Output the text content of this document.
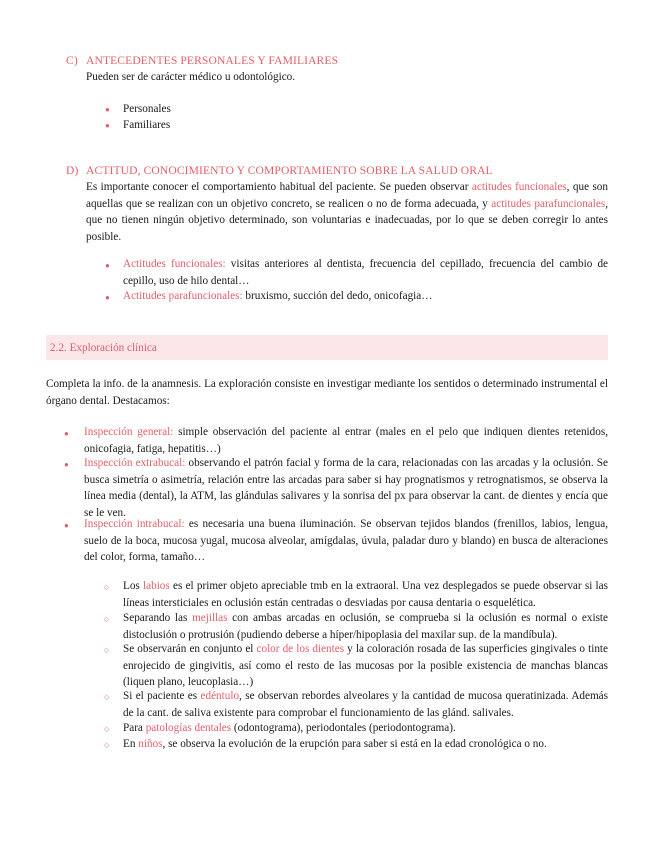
C) ANTECEDENTES PERSONALES Y FAMILIARES
Pueden ser de carácter médico u odontológico.
● Personales
● Familiares
D) ACTITUD, CONOCIMIENTO Y COMPORTAMIENTO SOBRE LA SALUD ORAL

Es importante conocer el comportamiento habitual del paciente. Se pueden observar actitudes funcionales, que son aquellas que se realizan con un objetivo concreto, se realicen o no de forma adecuada, y actitudes parafuncionales, que no tienen ningún objetivo determinado, son voluntarias e inadecuadas, por lo que se deben corregir lo antes posible.

● Actitudes funcionales: visitas anteriores al dentista, frecuencia del cepillado, frecuencia del cambio de cepillo, uso de hilo dental…

● Actitudes parafuncionales: bruxismo, succión del dedo, onicofagia…

2.2. Exploración clínica

Completa la info. de la anamnesis. La exploración consiste en investigar mediante los sentidos o determinado instrumental el órgano dental. Destacamos:

● Inspección general: simple observación del paciente al entrar (males en el pelo que indiquen dientes retenidos, onicofagia, fatiga, hepatitis…)

● Inspección extrabucal: observando el patrón facial y forma de la cara, relacionadas con las arcadas y la oclusión. Se busca simetría o asimetría, relación entre las arcadas para saber si hay prognatismos y retrognatismos, se observa la línea media (dental), la ATM, las glándulas salivares y la sonrisa del px para observar la cant. de dientes y encía que se le ven.

● Inspección intrabucal: es necesaria una buena iluminación. Se observan tejidos blandos (frenillos, labios, lengua, suelo de la boca, mucosa yugal, mucosa alveolar, amígdalas, úvula, paladar duro y blando) en busca de alteraciones del color, forma, tamaño…

○ Los labios es el primer objeto apreciable tmb en la extraoral. Una vez desplegados se puede observar si las líneas intersticiales en oclusión están centradas o desviadas por causa dentaria o esquelética.

○ Separando las mejillas con ambas arcadas en oclusión, se comprueba si la oclusión es normal o existe distoclusión o protrusión (pudiendo deberse a híper/hipoplasia del maxilar sup. de la mandíbula).

○ Se observarán en conjunto el color de los dientes y la coloración rosada de las superficies gingivales o tinte enrojecido de gingivitis, así como el resto de las mucosas por la posible existencia de manchas blancas (liquen plano, leucoplasia…)

○ Si el paciente es edéntulo, se observan rebordes alveolares y la cantidad de mucosa queratinizada. Además de la cant. de saliva existente para comprobar el funcionamiento de las glánd. salivales.

○ Para patologías dentales (odontograma), periodontales (periodontograma).

○ En niños, se observa la evolución de la erupción para saber si está en la edad cronológica o no.
